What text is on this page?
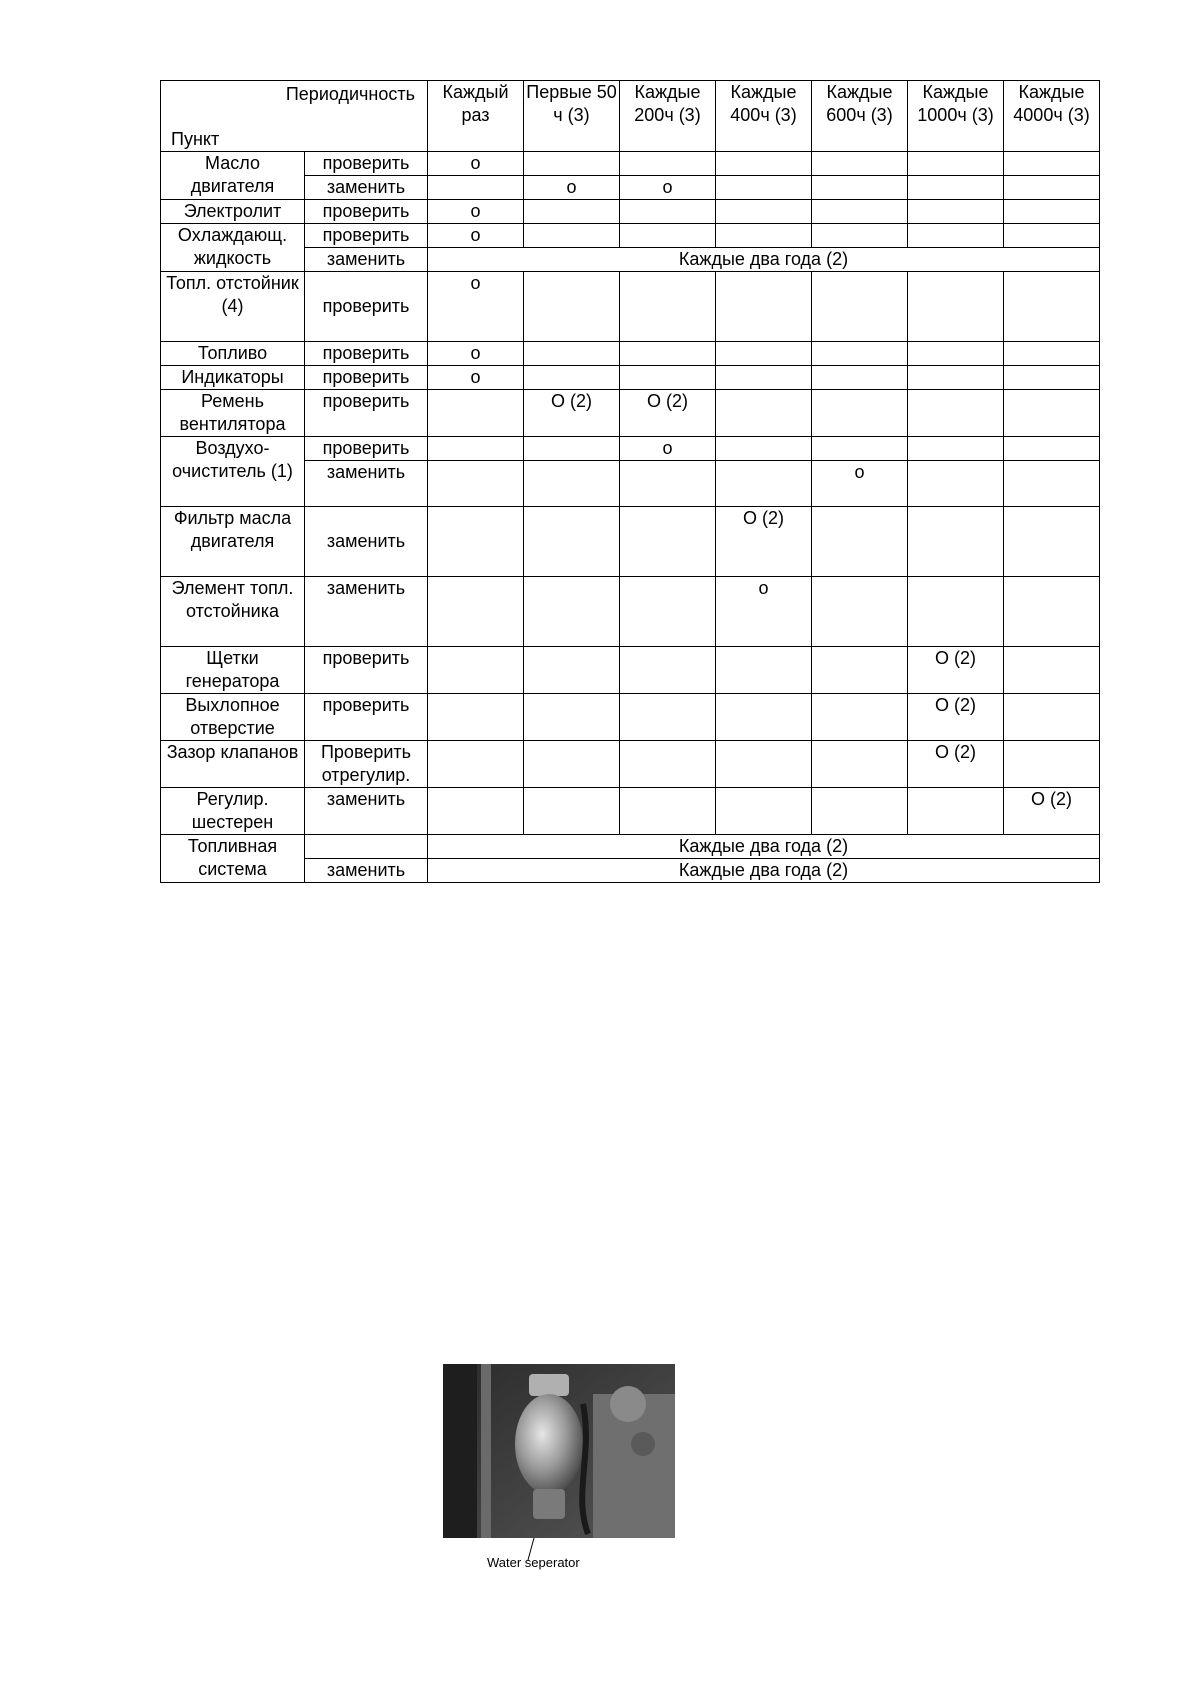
Периодичность
Пункт		Каждый раз	Первые 50 ч (3)	Каждые 200ч (3)	Каждые 400ч (3)	Каждые 600ч (3)	Каждые 1000ч (3)	Каждые 4000ч (3)
Масло двигателя	проверить	o						
	заменить		o	o				
Электролит	проверить	o						
Охлаждающ. жидкость	проверить	o						
	заменить	Каждые два года (2)						
Топл. отстойник (4)	проверить	o						
Топливо	проверить	o						
Индикаторы	проверить	o						
Ремень вентилятора	проверить		O (2)	O (2)				
Воздухо-очиститель (1)	проверить			o				
	заменить					o		
Фильтр масла двигателя	заменить				O (2)			
Элемент топл. отстойника	заменить				o			
Щетки генератора	проверить						O (2)	
Выхлопное отверстие	проверить						O (2)	
Зазор клапанов	Проверить отрегулир.						O (2)	
Регулир. шестерен	заменить							O (2)
Топливная система		Каждые два года (2)						
	заменить	Каждые два года (2)						
Water seperator
